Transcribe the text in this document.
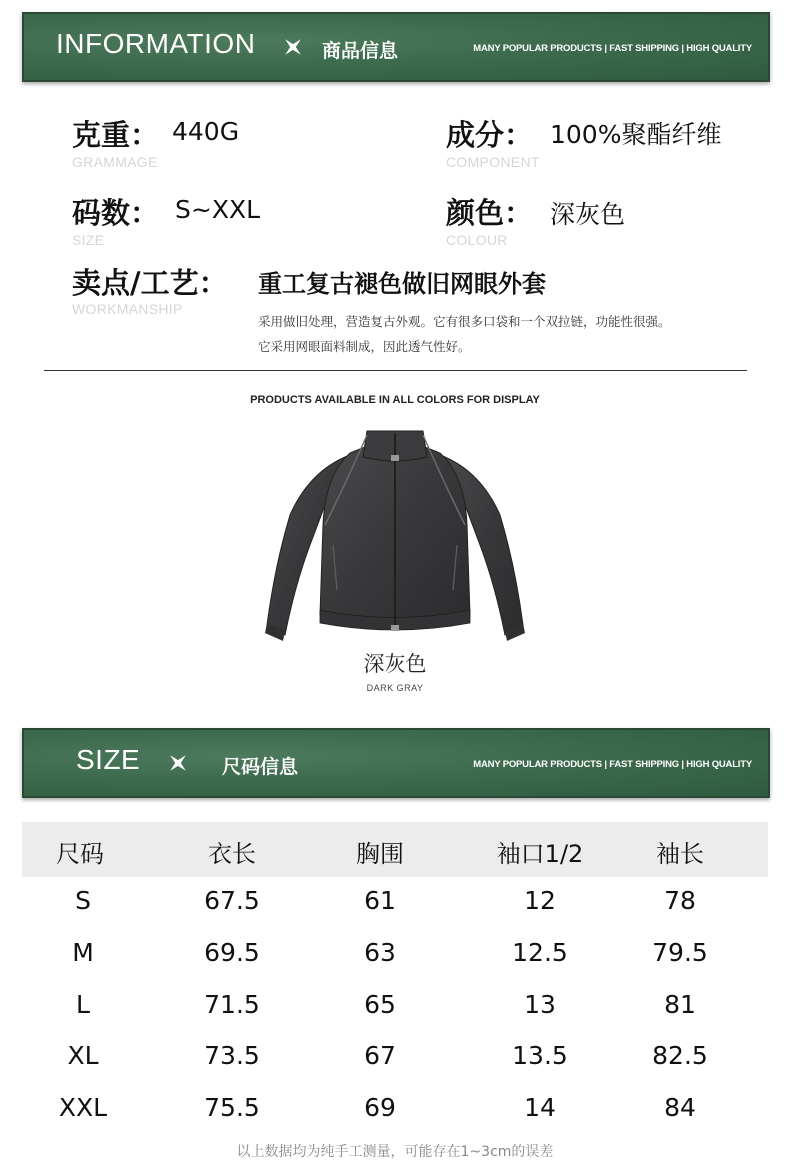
INFORMATION	商品信息	MANY POPULAR PRODUCTS | FAST SHIPPING | HIGH QUALITY
克重： 440G
GRAMMAGE
成分： 100%聚酯纤维
COMPONENT
码数： S~XXL
SIZE
颜色： 深灰色
COLOUR
卖点/工艺： 重工复古褪色做旧网眼外套
WORKMANSHIP
采用做旧处理，营造复古外观。它有很多口袋和一个双拉链，功能性很强。
它采用网眼面料制成，因此透气性好。
PRODUCTS AVAILABLE IN ALL COLORS FOR DISPLAY
深灰色
DARK GRAY
SIZE	尺码信息	MANY POPULAR PRODUCTS | FAST SHIPPING | HIGH QUALITY
尺码	衣长	胸围	袖口1/2	袖长
S	67.5	61	12	78
M	69.5	63	12.5	79.5
L	71.5	65	13	81
XL	73.5	67	13.5	82.5
XXL	75.5	69	14	84
以上数据均为纯手工测量，可能存在1~3cm的误差
